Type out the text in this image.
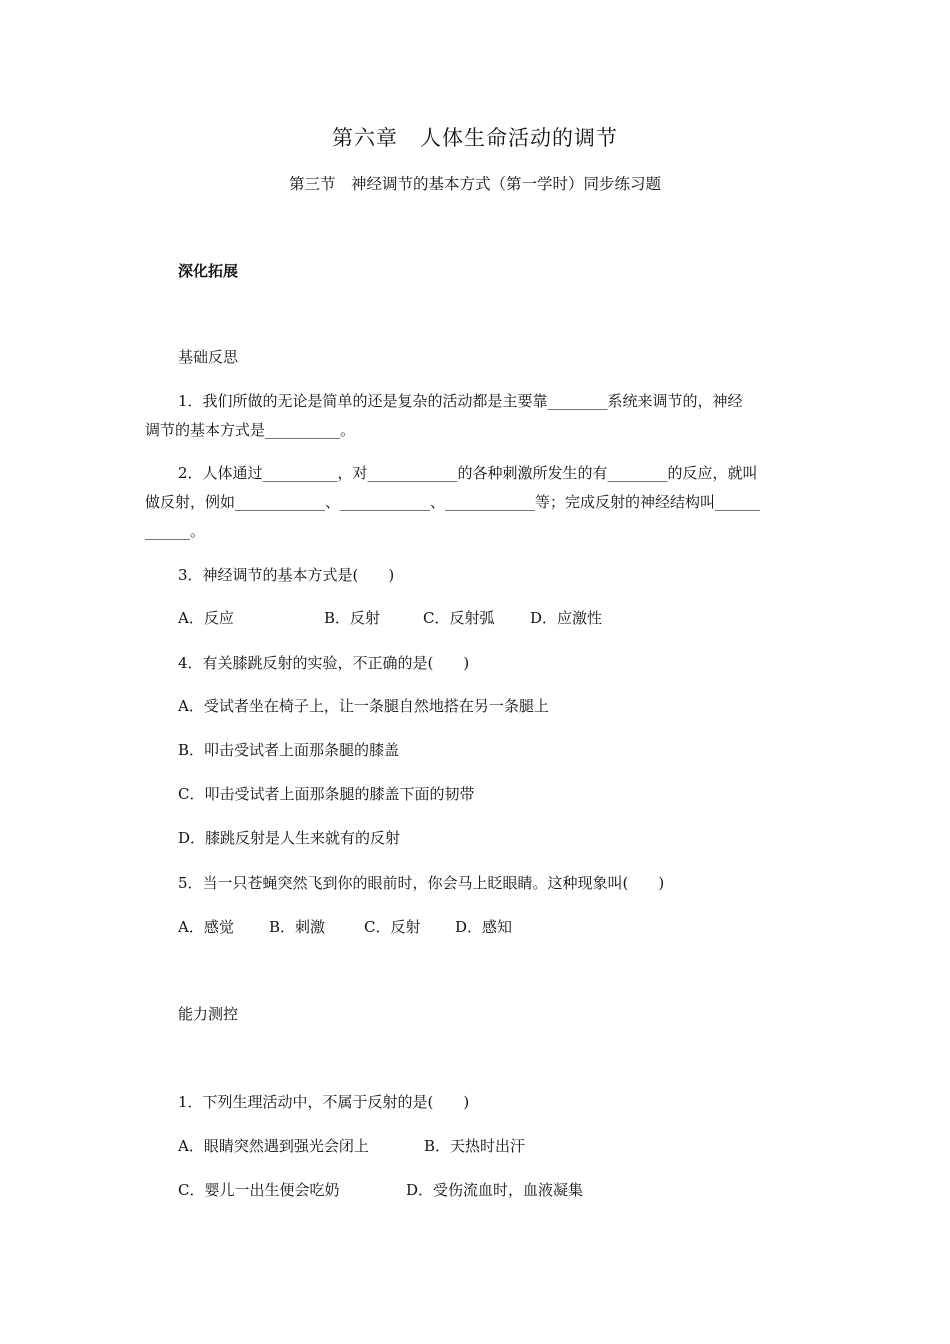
第六章　人体生命活动的调节
第三节　神经调节的基本方式（第一学时）同步练习题
深化拓展
基础反思
1．我们所做的无论是简单的还是复杂的活动都是主要靠________系统来调节的，神经
调节的基本方式是__________。
2．人体通过__________，对____________的各种刺激所发生的有________的反应，就叫
做反射，例如____________、____________、____________等；完成反射的神经结构叫______
______。
3．神经调节的基本方式是(　　)
A．反应	B．反射	C．反射弧 D．应激性
4．有关膝跳反射的实验，不正确的是(　　)
A．受试者坐在椅子上，让一条腿自然地搭在另一条腿上
B．叩击受试者上面那条腿的膝盖
C．叩击受试者上面那条腿的膝盖下面的韧带
D．膝跳反射是人生来就有的反射
5．当一只苍蝇突然飞到你的眼前时，你会马上眨眼睛。这种现象叫(　　)
A．感觉 B．刺激	C．反射 D．感知
能力测控
1．下列生理活动中，不属于反射的是(　　)
A．眼睛突然遇到强光会闭上	B．天热时出汗
C．婴儿一出生便会吃奶	D．受伤流血时，血液凝集
